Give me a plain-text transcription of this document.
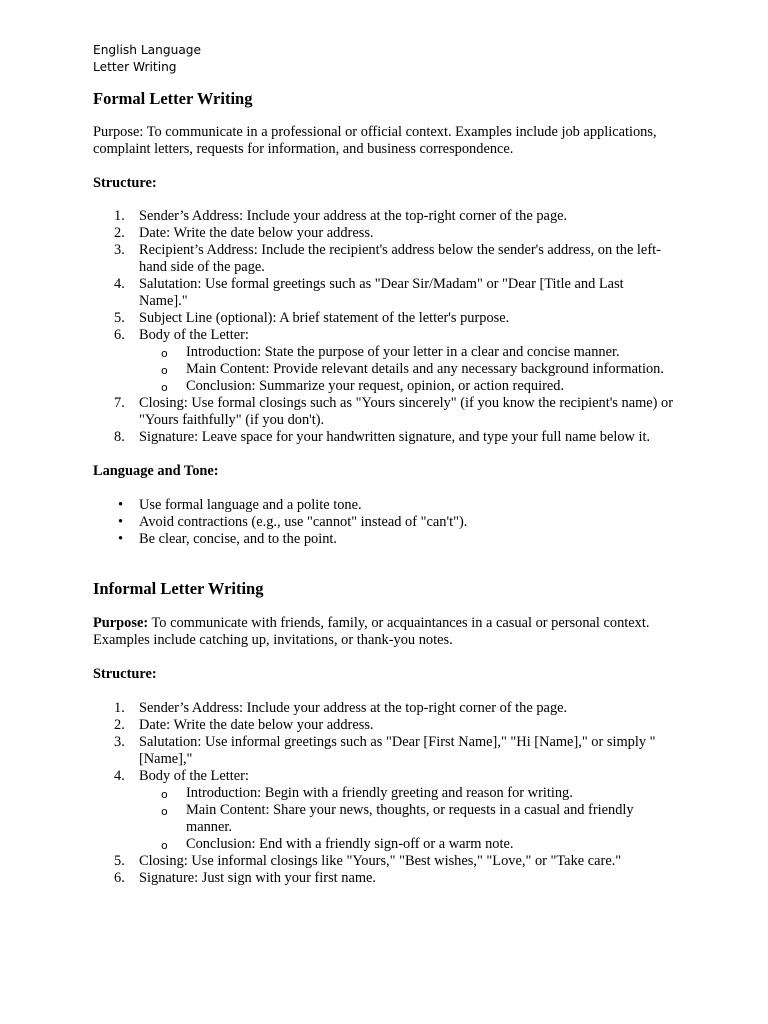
English Language
Letter Writing
Formal Letter Writing

Purpose: To communicate in a professional or official context. Examples include job applications, complaint letters, requests for information, and business correspondence.

Structure:

1. Sender’s Address: Include your address at the top-right corner of the page.
2. Date: Write the date below your address.
3. Recipient’s Address: Include the recipient's address below the sender's address, on the left-hand side of the page.
4. Salutation: Use formal greetings such as "Dear Sir/Madam" or "Dear [Title and Last Name]."
5. Subject Line (optional): A brief statement of the letter's purpose.
6. Body of the Letter:
o Introduction: State the purpose of your letter in a clear and concise manner.
o Main Content: Provide relevant details and any necessary background information.
o Conclusion: Summarize your request, opinion, or action required.
7. Closing: Use formal closings such as "Yours sincerely" (if you know the recipient's name) or "Yours faithfully" (if you don't).
8. Signature: Leave space for your handwritten signature, and type your full name below it.

Language and Tone:

• Use formal language and a polite tone.
• Avoid contractions (e.g., use "cannot" instead of "can't").
• Be clear, concise, and to the point.
Informal Letter Writing

Purpose: To communicate with friends, family, or acquaintances in a casual or personal context. Examples include catching up, invitations, or thank-you notes.

Structure:

1. Sender’s Address: Include your address at the top-right corner of the page.
2. Date: Write the date below your address.
3. Salutation: Use informal greetings such as "Dear [First Name]," "Hi [Name]," or simply "[Name],"
4. Body of the Letter:
o Introduction: Begin with a friendly greeting and reason for writing.
o Main Content: Share your news, thoughts, or requests in a casual and friendly manner.
o Conclusion: End with a friendly sign-off or a warm note.
5. Closing: Use informal closings like "Yours," "Best wishes," "Love," or "Take care."
6. Signature: Just sign with your first name.
